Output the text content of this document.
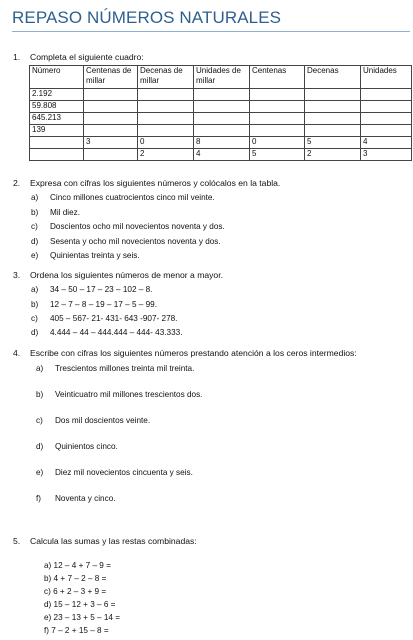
REPASO NÚMEROS NATURALES
1. Completa el siguiente cuadro:
Número	Centenas de millar	Decenas de millar	Unidades de millar	Centenas	Decenas	Unidades
2.192						
59.808						
645.213						
139						
	3	0	8	0	5	4
		2	4	5	2	3
2. Expresa con cifras los siguientes números y colócalos en la tabla.
a) Cinco millones cuatrocientos cinco mil veinte.
b) Mil diez.
c) Doscientos ocho mil novecientos noventa y dos.
d) Sesenta y ocho mil novecientos noventa y dos.
e) Quinientas treinta y seis.
3. Ordena los siguientes números de menor a mayor.
a) 34 – 50 – 17 – 23 – 102 – 8.
b) 12 – 7 – 8 – 19 – 17 – 5 – 99.
c) 405 – 567- 21- 431- 643 -907- 278.
d) 4.444 – 44 – 444.444 – 444- 43.333.
4. Escribe con cifras los siguientes números prestando atención a los ceros intermedios:
a) Trescientos millones treinta mil treinta.
b) Veinticuatro mil millones trescientos dos.
c) Dos mil doscientos veinte.
d) Quinientos cinco.
e) Diez mil novecientos cincuenta y seis.
f) Noventa y cinco.
5. Calcula las sumas y las restas combinadas:
a) 12 – 4 + 7 – 9 =
b) 4 + 7 – 2 – 8 =
c) 6 + 2 – 3 + 9 =
d) 15 – 12 + 3 – 6 =
e) 23 – 13 + 5 – 14 =
f) 7 – 2 + 15 – 8 =
